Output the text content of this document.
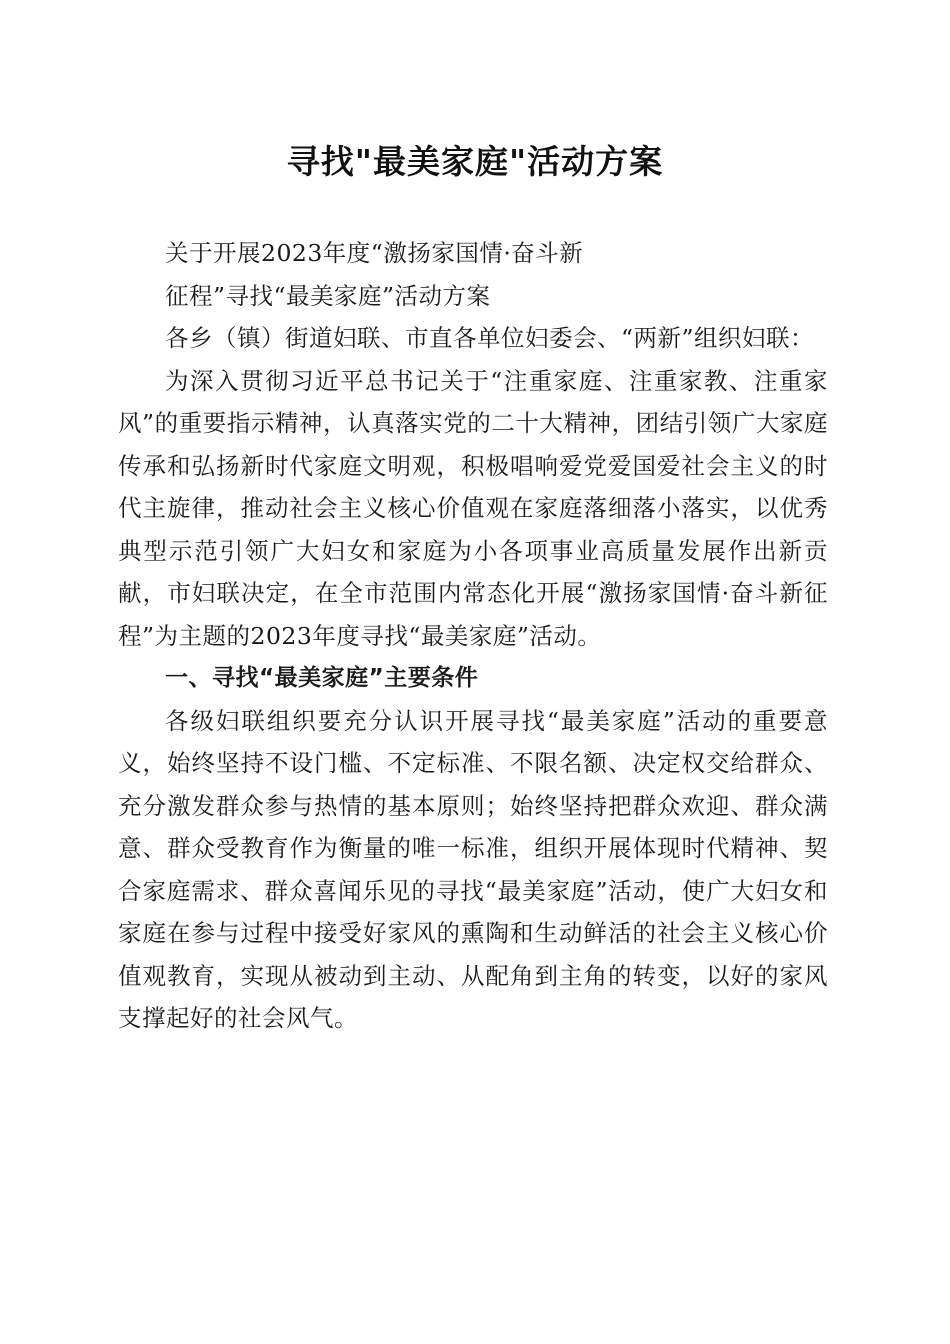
寻找"最美家庭"活动方案

关于开展2023年度“激扬家国情·奋斗新

征程”寻找“最美家庭”活动方案

各乡（镇）街道妇联、市直各单位妇委会、“两新”组织妇联：

为深入贯彻习近平总书记关于“注重家庭、注重家教、注重家风”的重要指示精神，认真落实党的二十大精神，团结引领广大家庭传承和弘扬新时代家庭文明观，积极唱响爱党爱国爱社会主义的时代主旋律，推动社会主义核心价值观在家庭落细落小落实，以优秀典型示范引领广大妇女和家庭为小各项事业高质量发展作出新贡献，市妇联决定，在全市范围内常态化开展“激扬家国情·奋斗新征程”为主题的2023年度寻找“最美家庭”活动。

一、寻找“最美家庭”主要条件

各级妇联组织要充分认识开展寻找“最美家庭”活动的重要意义，始终坚持不设门槛、不定标准、不限名额、决定权交给群众、充分激发群众参与热情的基本原则；始终坚持把群众欢迎、群众满意、群众受教育作为衡量的唯一标准，组织开展体现时代精神、契合家庭需求、群众喜闻乐见的寻找“最美家庭”活动，使广大妇女和家庭在参与过程中接受好家风的熏陶和生动鲜活的社会主义核心价值观教育，实现从被动到主动、从配角到主角的转变，以好的家风支撑起好的社会风气。
